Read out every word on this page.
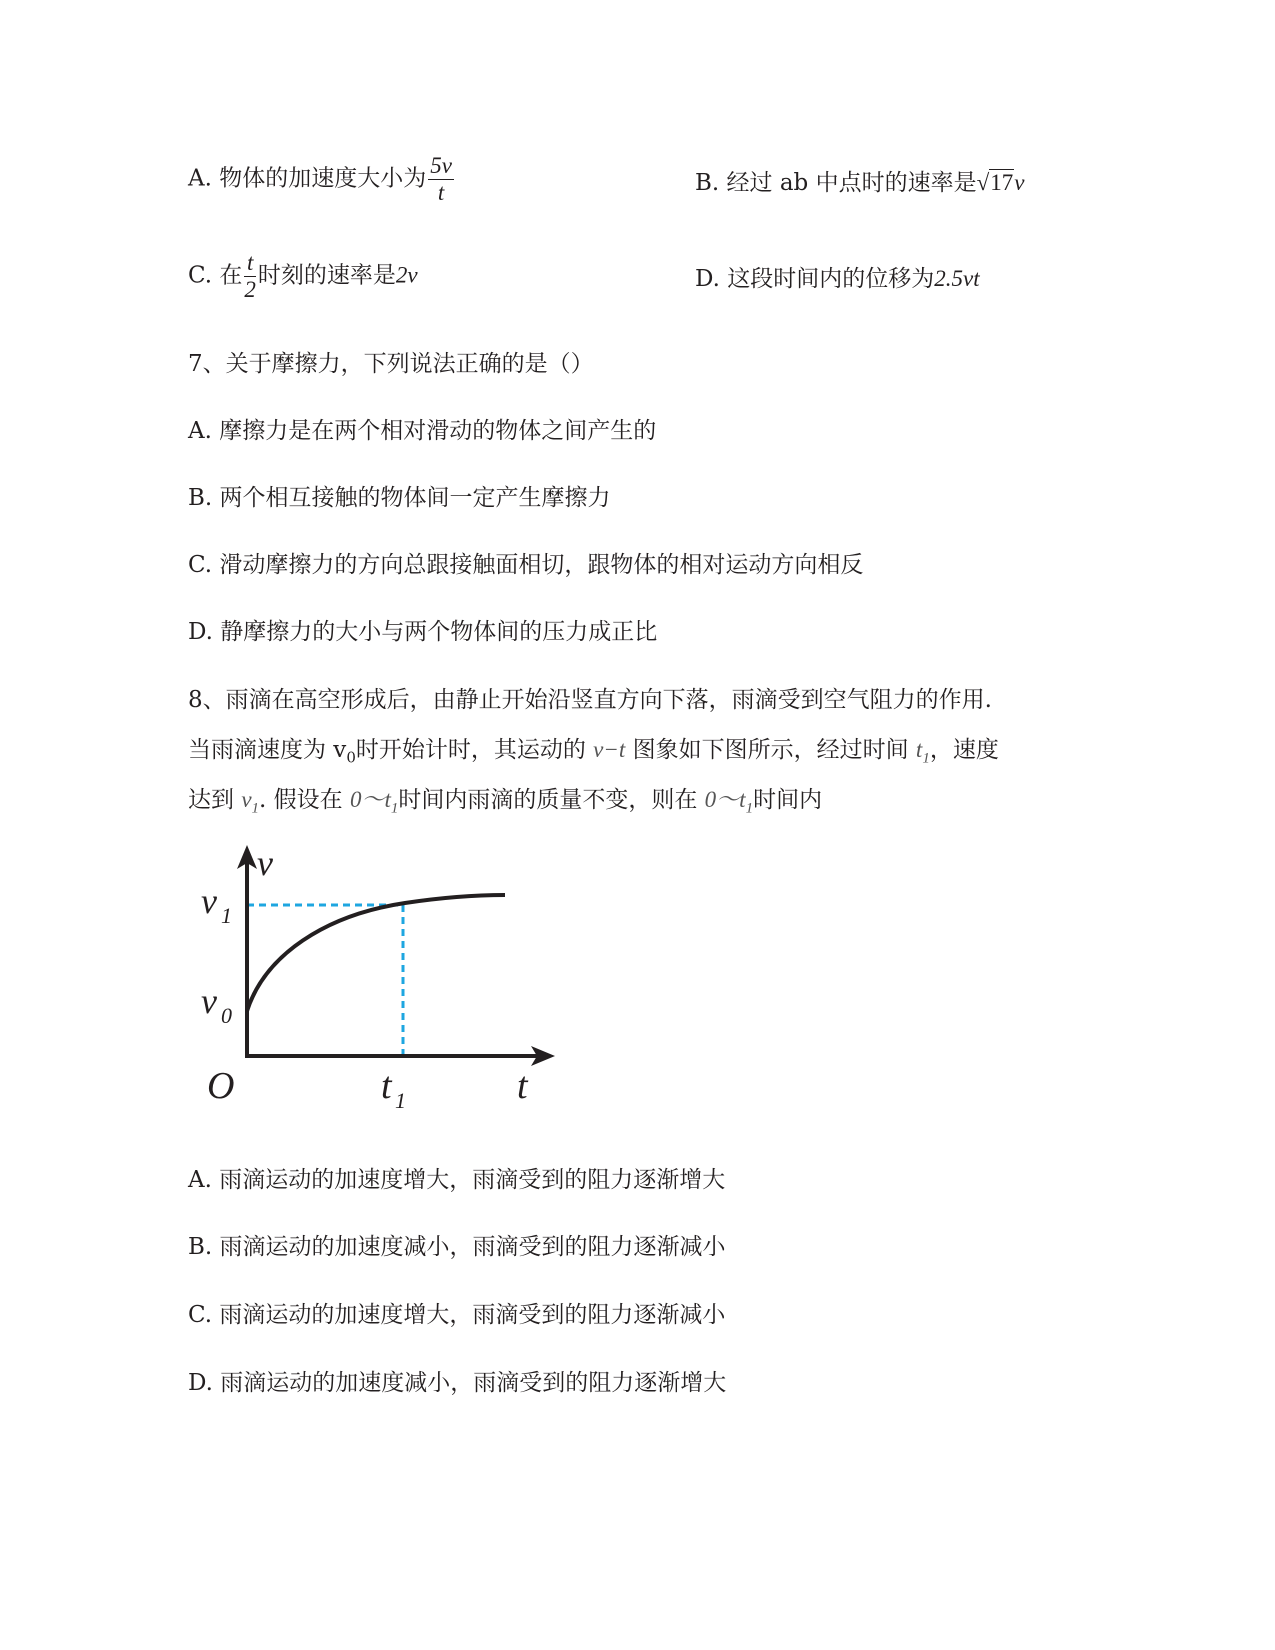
A. 物体的加速度大小为 $\frac{5v}{t}$	B. 经过 ab 中点时的速率是√17v
C. 在 $\frac{t}{2}$ 时刻的速率是2v	D. 这段时间内的位移为2.5vt
7、关于摩擦力，下列说法正确的是（）
A. 摩擦力是在两个相对滑动的物体之间产生的
B. 两个相互接触的物体间一定产生摩擦力
C. 滑动摩擦力的方向总跟接触面相切，跟物体的相对运动方向相反
D. 静摩擦力的大小与两个物体间的压力成正比
8、雨滴在高空形成后，由静止开始沿竖直方向下落，雨滴受到空气阻力的作用.
当雨滴速度为 $v_0$时开始计时，其运动的 v−t 图象如下图所示，经过时间 $t_1$，速度
达到 $v_1$. 假设在 $0\sim t_1$时间内雨滴的质量不变，则在 $0\sim t_1$时间内
v
v 1
v 0
O	t 1	t
A. 雨滴运动的加速度增大，雨滴受到的阻力逐渐增大
B. 雨滴运动的加速度减小，雨滴受到的阻力逐渐减小
C. 雨滴运动的加速度增大，雨滴受到的阻力逐渐减小
D. 雨滴运动的加速度减小，雨滴受到的阻力逐渐增大
